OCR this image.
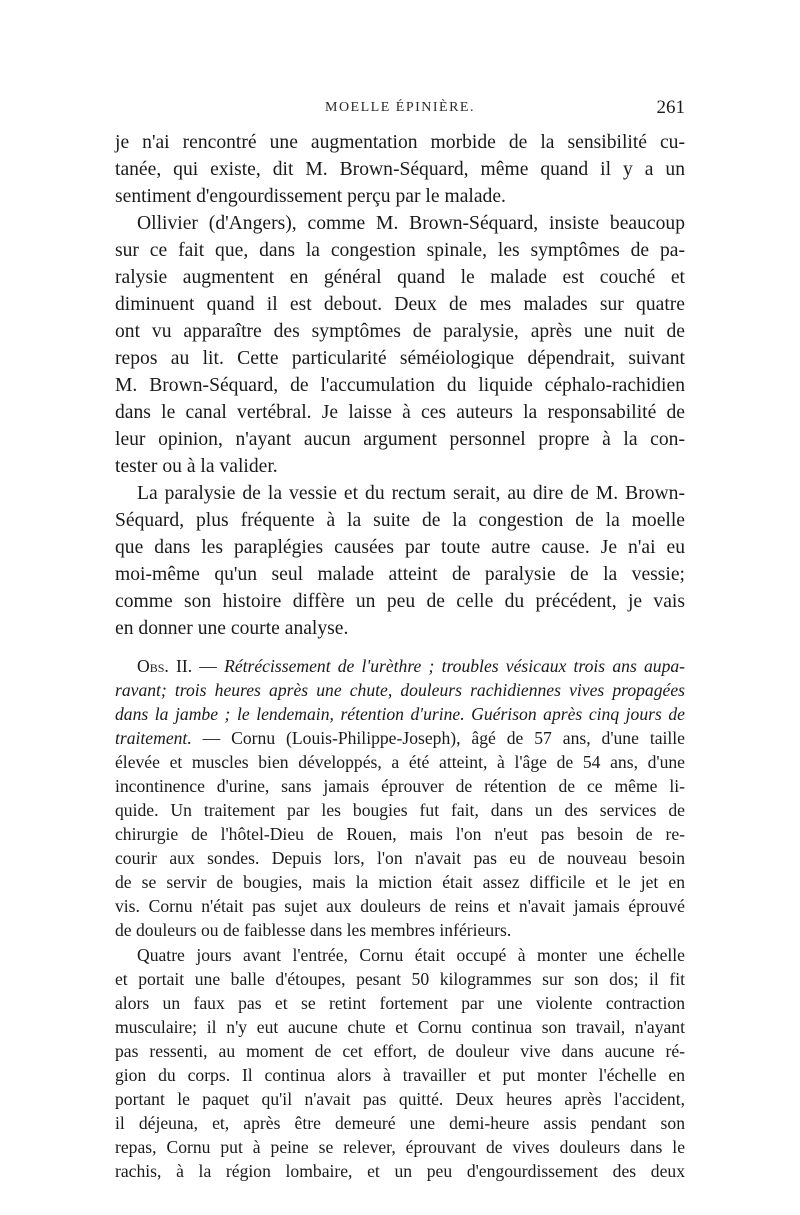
MOELLE ÉPINIÈRE.	261

je n'ai rencontré une augmentation morbide de la sensibilité cu-

tanée, qui existe, dit M. Brown-Séquard, même quand il y a un

sentiment d'engourdissement perçu par le malade.

Ollivier (d'Angers), comme M. Brown-Séquard, insiste beaucoup

sur ce fait que, dans la congestion spinale, les symptômes de pa-

ralysie augmentent en général quand le malade est couché et

diminuent quand il est debout. Deux de mes malades sur quatre

ont vu apparaître des symptômes de paralysie, après une nuit de

repos au lit. Cette particularité séméiologique dépendrait, suivant

M. Brown-Séquard, de l'accumulation du liquide céphalo-rachidien

dans le canal vertébral. Je laisse à ces auteurs la responsabilité de

leur opinion, n'ayant aucun argument personnel propre à la con-

tester ou à la valider.

La paralysie de la vessie et du rectum serait, au dire de M. Brown-

Séquard, plus fréquente à la suite de la congestion de la moelle

que dans les paraplégies causées par toute autre cause. Je n'ai eu

moi-même qu'un seul malade atteint de paralysie de la vessie;

comme son histoire diffère un peu de celle du précédent, je vais

en donner une courte analyse.

Obs. II. — Rétrécissement de l'urèthre ; troubles vésicaux trois ans aupa-

ravant; trois heures après une chute, douleurs rachidiennes vives propagées

dans la jambe ; le lendemain, rétention d'urine. Guérison après cinq jours de

traitement. — Cornu (Louis-Philippe-Joseph), âgé de 57 ans, d'une taille

élevée et muscles bien développés, a été atteint, à l'âge de 54 ans, d'une

incontinence d'urine, sans jamais éprouver de rétention de ce même li-

quide. Un traitement par les bougies fut fait, dans un des services de

chirurgie de l'hôtel-Dieu de Rouen, mais l'on n'eut pas besoin de re-

courir aux sondes. Depuis lors, l'on n'avait pas eu de nouveau besoin

de se servir de bougies, mais la miction était assez difficile et le jet en

vis. Cornu n'était pas sujet aux douleurs de reins et n'avait jamais éprouvé

de douleurs ou de faiblesse dans les membres inférieurs.

Quatre jours avant l'entrée, Cornu était occupé à monter une échelle

et portait une balle d'étoupes, pesant 50 kilogrammes sur son dos; il fit

alors un faux pas et se retint fortement par une violente contraction

musculaire; il n'y eut aucune chute et Cornu continua son travail, n'ayant

pas ressenti, au moment de cet effort, de douleur vive dans aucune ré-

gion du corps. Il continua alors à travailler et put monter l'échelle en

portant le paquet qu'il n'avait pas quitté. Deux heures après l'accident,

il déjeuna, et, après être demeuré une demi-heure assis pendant son

repas, Cornu put à peine se relever, éprouvant de vives douleurs dans le

rachis, à la région lombaire, et un peu d'engourdissement des deux
